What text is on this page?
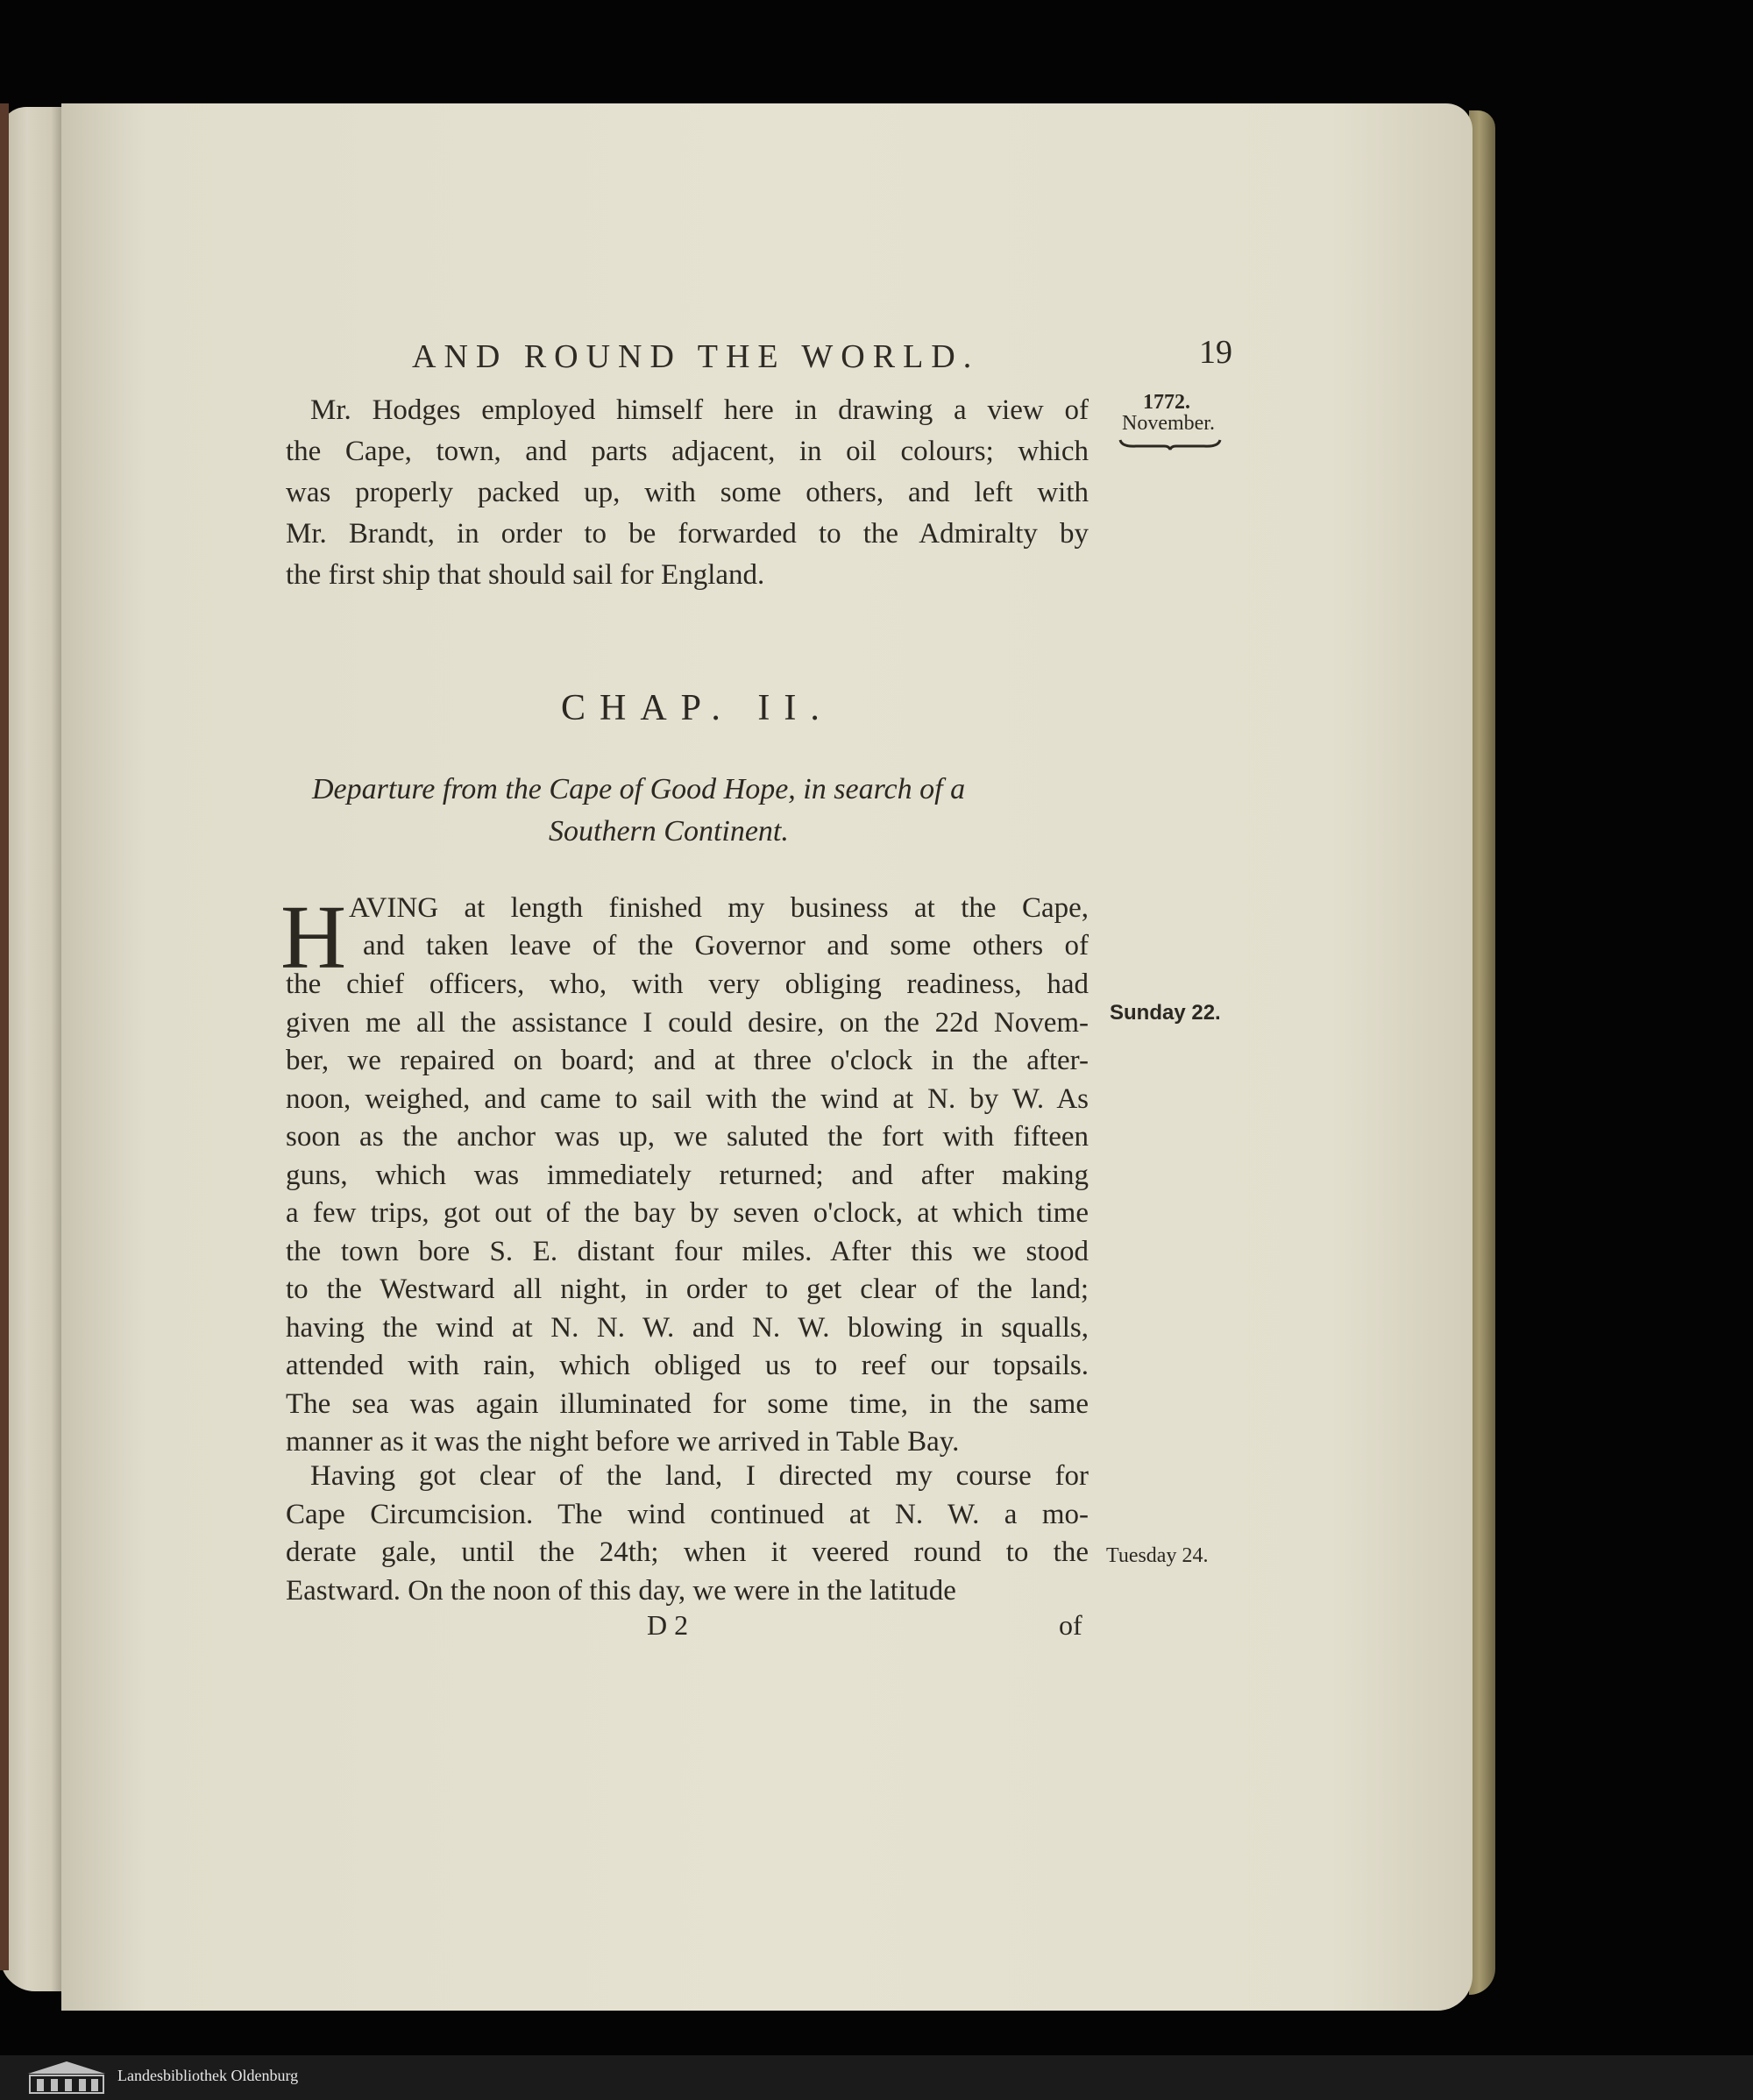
AND ROUND THE WORLD.	19
1772.
November.
Mr. Hodges employed himself here in drawing a view of
the Cape, town, and parts adjacent, in oil colours; which
was properly packed up, with some others, and left with
Mr. Brandt, in order to be forwarded to the Admiralty by
the first ship that should sail for England.
CHAP. II.
Departure from the Cape of Good Hope, in search of a
Southern Continent.
H AVING at length finished my business at the Cape,
and taken leave of the Governor and some others of
the chief officers, who, with very obliging readiness, had
given me all the assistance I could desire, on the 22d Novem-
ber, we repaired on board; and at three o'clock in the after-
noon, weighed, and came to sail with the wind at N. by W. As
soon as the anchor was up, we saluted the fort with fifteen
guns, which was immediately returned; and after making
a few trips, got out of the bay by seven o'clock, at which time
the town bore S. E. distant four miles. After this we stood
to the Westward all night, in order to get clear of the land;
having the wind at N. N. W. and N. W. blowing in squalls,
attended with rain, which obliged us to reef our topsails.
The sea was again illuminated for some time, in the same
manner as it was the night before we arrived in Table Bay.
Having got clear of the land, I directed my course for
Cape Circumcision. The wind continued at N. W. a mo-
derate gale, until the 24th; when it veered round to the
Eastward. On the noon of this day, we were in the latitude
Sunday 22.
Tuesday 24.
D 2	of
Landesbibliothek Oldenburg
